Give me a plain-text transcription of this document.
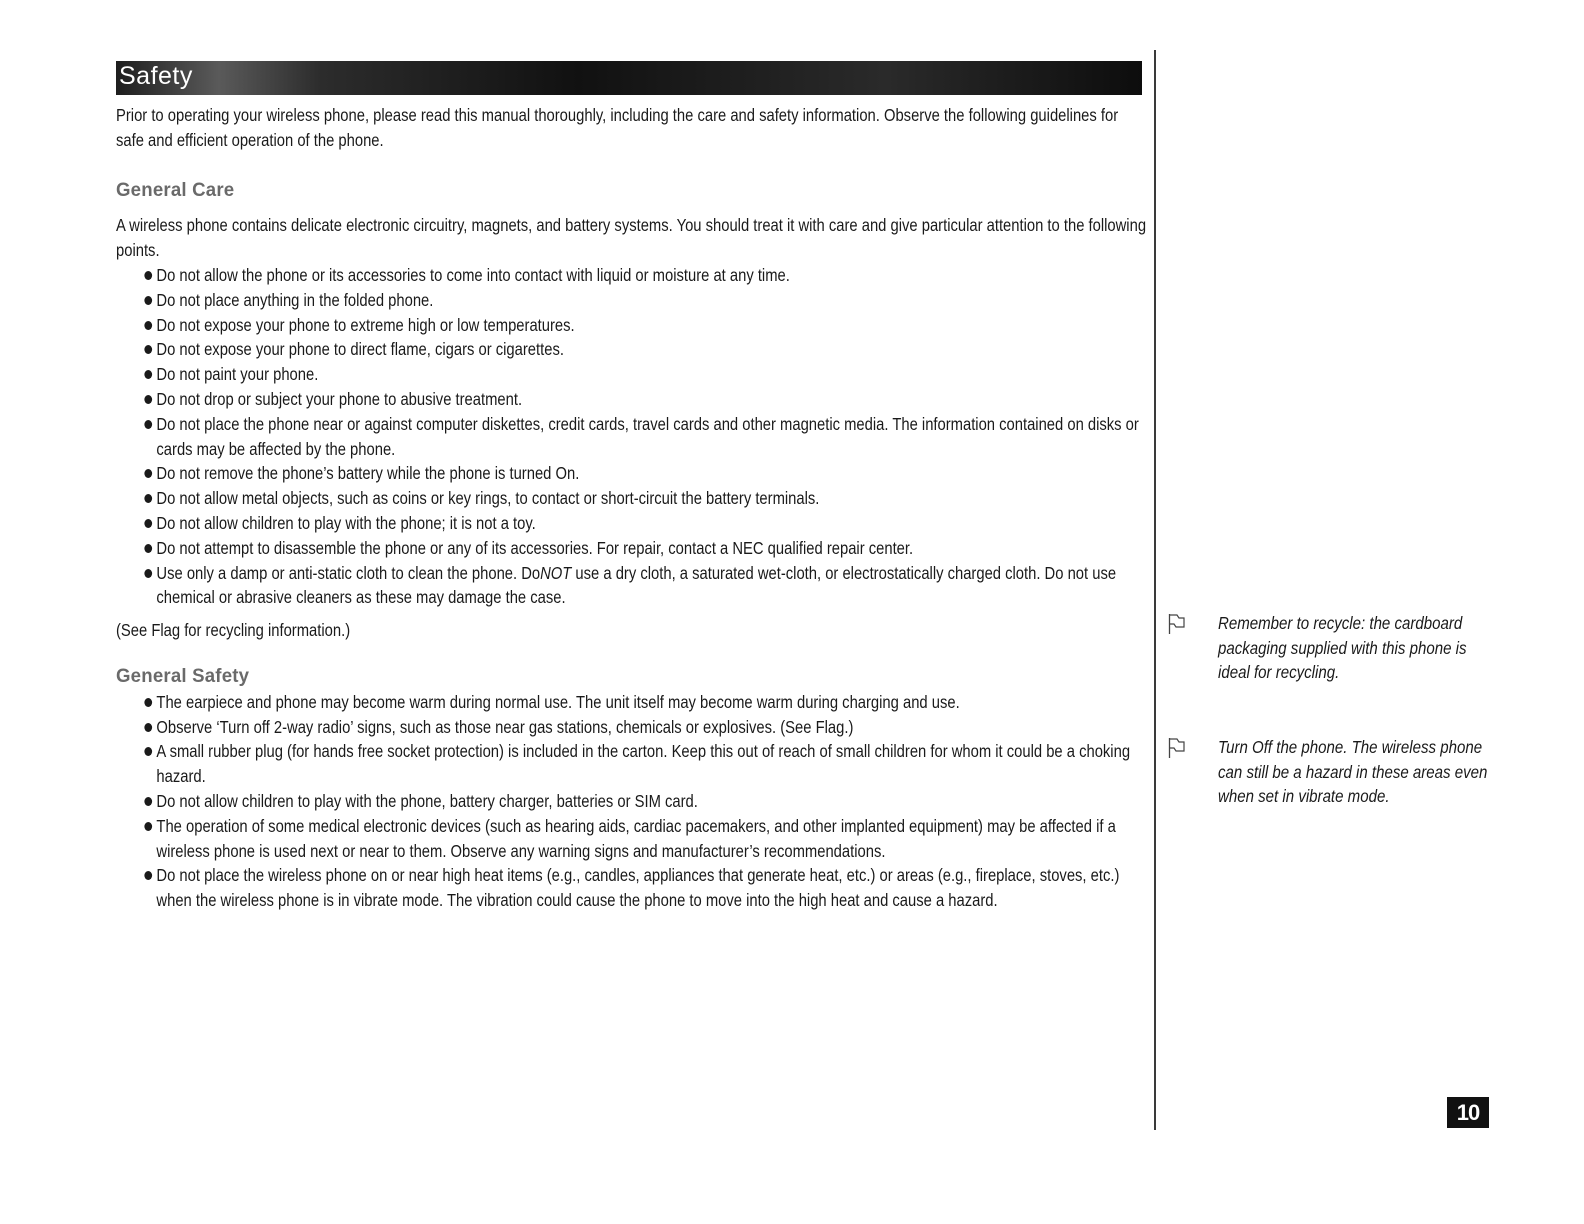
Safety

Prior to operating your wireless phone, please read this manual thoroughly, including the care and safety information. Observe the following guidelines for safe and efficient operation of the phone.

General Care

A wireless phone contains delicate electronic circuitry, magnets, and battery systems. You should treat it with care and give particular attention to the following points.

Do not allow the phone or its accessories to come into contact with liquid or moisture at any time.
Do not place anything in the folded phone.
Do not expose your phone to extreme high or low temperatures.
Do not expose your phone to direct flame, cigars or cigarettes.
Do not paint your phone.
Do not drop or subject your phone to abusive treatment.
Do not place the phone near or against computer diskettes, credit cards, travel cards and other magnetic media. The information contained on disks or cards may be affected by the phone.
Do not remove the phone’s battery while the phone is turned On.
Do not allow metal objects, such as coins or key rings, to contact or short-circuit the battery terminals.
Do not allow children to play with the phone; it is not a toy.
Do not attempt to disassemble the phone or any of its accessories. For repair, contact a NEC qualified repair center.
Use only a damp or anti-static cloth to clean the phone. DoNOT use a dry cloth, a saturated wet-cloth, or electrostatically charged cloth. Do not use chemical or abrasive cleaners as these may damage the case.

(See Flag for recycling information.)

General Safety
The earpiece and phone may become warm during normal use. The unit itself may become warm during charging and use.
Observe ‘Turn off 2-way radio’ signs, such as those near gas stations, chemicals or explosives. (See Flag.)
A small rubber plug (for hands free socket protection) is included in the carton. Keep this out of reach of small children for whom it could be a choking hazard.
Do not allow children to play with the phone, battery charger, batteries or SIM card.
The operation of some medical electronic devices (such as hearing aids, cardiac pacemakers, and other implanted equipment) may be affected if a wireless phone is used next or near to them. Observe any warning signs and manufacturer’s recommendations.
Do not place the wireless phone on or near high heat items (e.g., candles, appliances that generate heat, etc.) or areas (e.g., fireplace, stoves, etc.) when the wireless phone is in vibrate mode. The vibration could cause the phone to move into the high heat and cause a hazard.
Remember to recycle: the cardboard packaging supplied with this phone is ideal for recycling.
Turn Off the phone. The wireless phone can still be a hazard in these areas even when set in vibrate mode.
10
